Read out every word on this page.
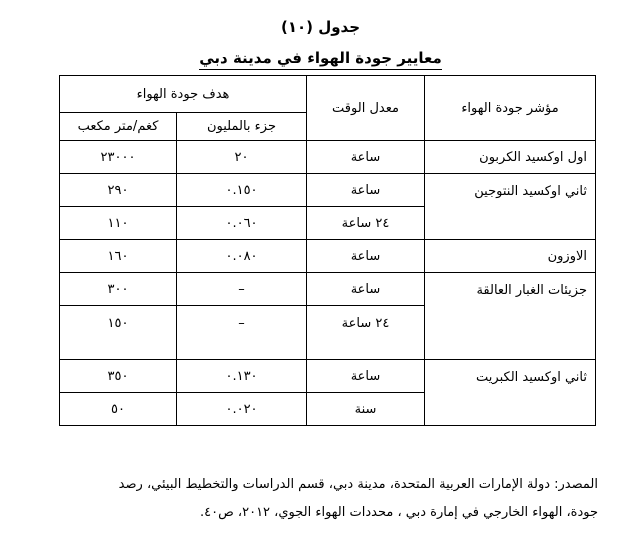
جدول (١٠)
معايير جودة الهواء في مدينة دبي
مؤشر جودة الهواء	معدل الوقت	هدف جودة الهواء	
		جزء بالمليون	كغم/متر مكعب
اول اوكسيد الكربون	ساعة	٢٠	٢٣٠٠٠
ثاني اوكسيد النتوجين	ساعة	٠.١٥٠	٢٩٠
	٢٤ ساعة	٠.٠٦٠	١١٠
الاوزون	ساعة	٠.٠٨٠	١٦٠
جزيئات الغبار العالقة	ساعة	–	٣٠٠
	٢٤ ساعة	–	١٥٠
ثاني اوكسيد الكبريت	ساعة	٠.١٣٠	٣٥٠
	سنة	٠.٠٢٠	٥٠
المصدر: دولة الإمارات العربية المتحدة، مدينة دبي، قسم الدراسات والتخطيط البيئي، رصد
جودة، الهواء الخارجي في إمارة دبي ، محددات الهواء الجوي، ٢٠١٢، ص٤٠.
